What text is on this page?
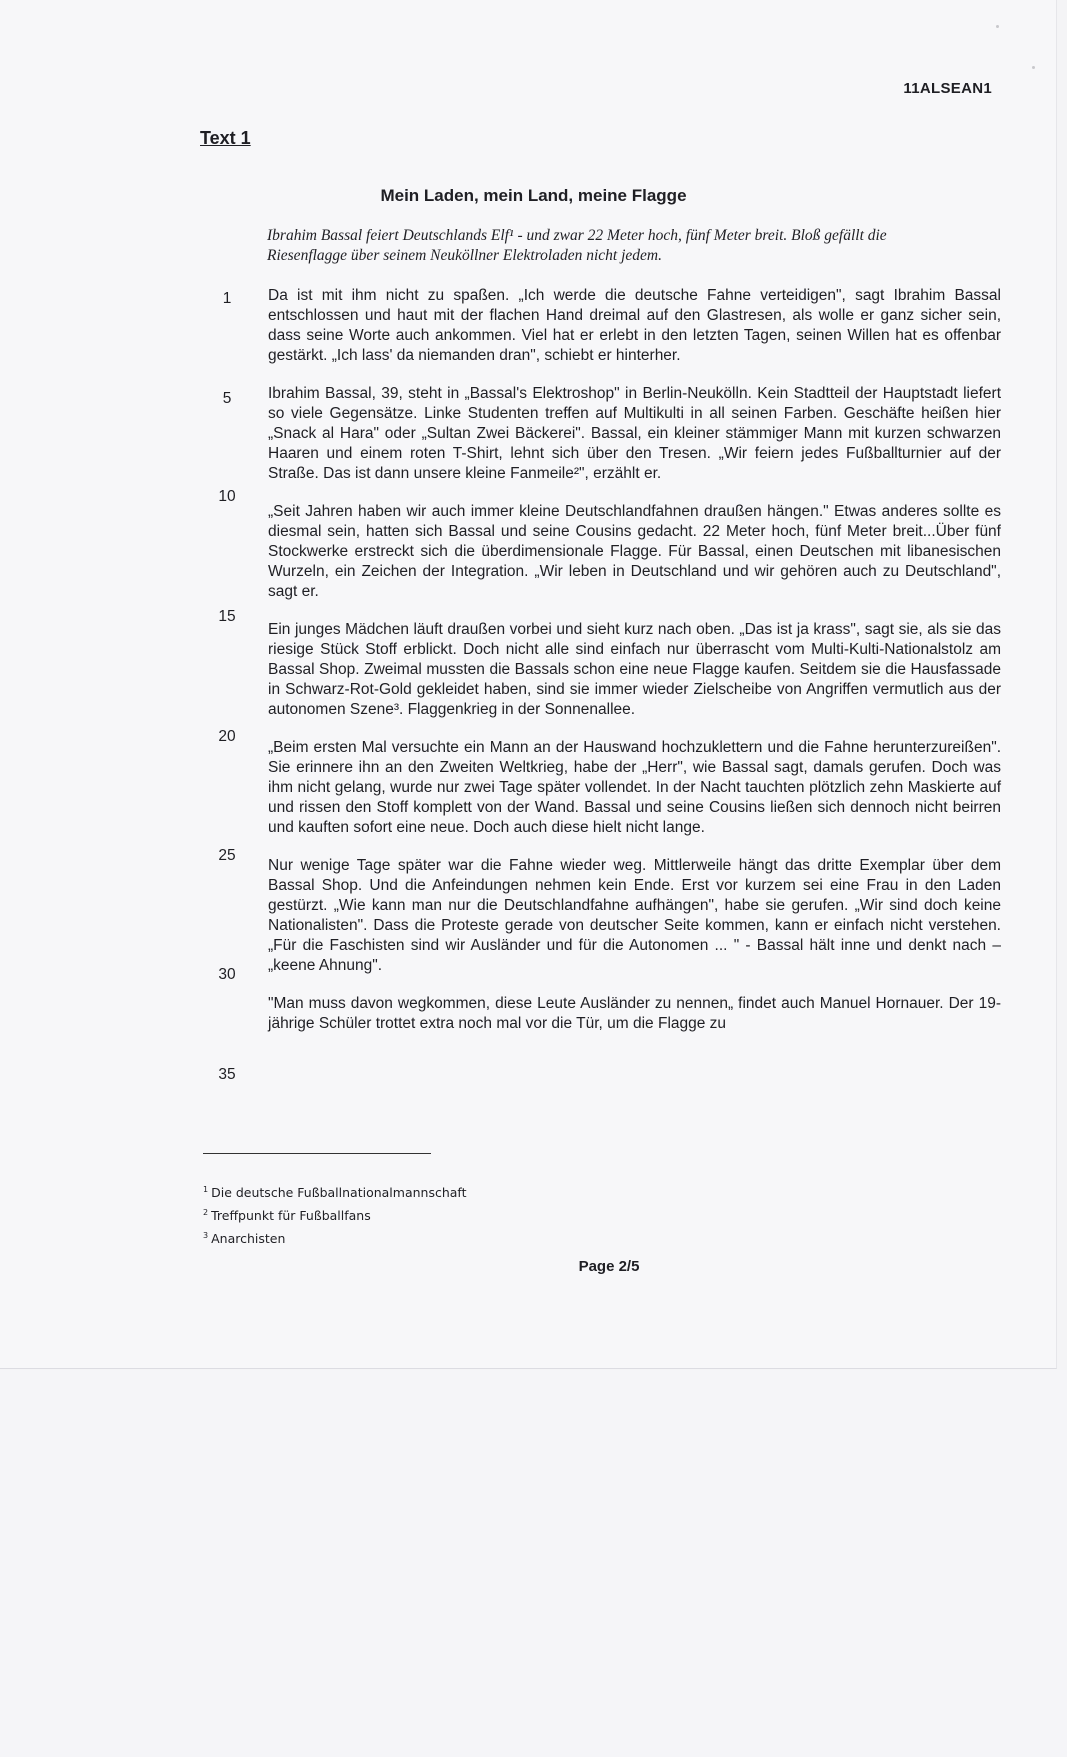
11ALSEAN1
Text 1
Mein Laden, mein Land, meine Flagge
Ibrahim Bassal feiert Deutschlands Elf¹ - und zwar 22 Meter hoch, fünf Meter breit. Bloß gefällt die Riesenflagge über seinem Neuköllner Elektroladen nicht jedem.
1
5
10
15
20
25
30
35

Da ist mit ihm nicht zu spaßen. „Ich werde die deutsche Fahne verteidigen", sagt Ibrahim Bassal entschlossen und haut mit der flachen Hand dreimal auf den Glastresen, als wolle er ganz sicher sein, dass seine Worte auch ankommen. Viel hat er erlebt in den letzten Tagen, seinen Willen hat es offenbar gestärkt. „Ich lass' da niemanden dran", schiebt er hinterher.

Ibrahim Bassal, 39, steht in „Bassal's Elektroshop" in Berlin-Neukölln. Kein Stadtteil der Hauptstadt liefert so viele Gegensätze. Linke Studenten treffen auf Multikulti in all seinen Farben. Geschäfte heißen hier „Snack al Hara" oder „Sultan Zwei Bäckerei". Bassal, ein kleiner stämmiger Mann mit kurzen schwarzen Haaren und einem roten T-Shirt, lehnt sich über den Tresen. „Wir feiern jedes Fußballturnier auf der Straße. Das ist dann unsere kleine Fanmeile²", erzählt er.

„Seit Jahren haben wir auch immer kleine Deutschlandfahnen draußen hängen." Etwas anderes sollte es diesmal sein, hatten sich Bassal und seine Cousins gedacht. 22 Meter hoch, fünf Meter breit...Über fünf Stockwerke erstreckt sich die überdimensionale Flagge. Für Bassal, einen Deutschen mit libanesischen Wurzeln, ein Zeichen der Integration. „Wir leben in Deutschland und wir gehören auch zu Deutschland", sagt er.

Ein junges Mädchen läuft draußen vorbei und sieht kurz nach oben. „Das ist ja krass", sagt sie, als sie das riesige Stück Stoff erblickt. Doch nicht alle sind einfach nur überrascht vom Multi-Kulti-Nationalstolz am Bassal Shop. Zweimal mussten die Bassals schon eine neue Flagge kaufen. Seitdem sie die Hausfassade in Schwarz-Rot-Gold gekleidet haben, sind sie immer wieder Zielscheibe von Angriffen vermutlich aus der autonomen Szene³. Flaggenkrieg in der Sonnenallee.

„Beim ersten Mal versuchte ein Mann an der Hauswand hochzuklettern und die Fahne herunterzureißen". Sie erinnere ihn an den Zweiten Weltkrieg, habe der „Herr", wie Bassal sagt, damals gerufen. Doch was ihm nicht gelang, wurde nur zwei Tage später vollendet. In der Nacht tauchten plötzlich zehn Maskierte auf und rissen den Stoff komplett von der Wand. Bassal und seine Cousins ließen sich dennoch nicht beirren und kauften sofort eine neue. Doch auch diese hielt nicht lange.

Nur wenige Tage später war die Fahne wieder weg. Mittlerweile hängt das dritte Exemplar über dem Bassal Shop. Und die Anfeindungen nehmen kein Ende. Erst vor kurzem sei eine Frau in den Laden gestürzt. „Wie kann man nur die Deutschlandfahne aufhängen", habe sie gerufen. „Wir sind doch keine Nationalisten". Dass die Proteste gerade von deutscher Seite kommen, kann er einfach nicht verstehen. „Für die Faschisten sind wir Ausländer und für die Autonomen ... " - Bassal hält inne und denkt nach – „keene Ahnung".

"Man muss davon wegkommen, diese Leute Ausländer zu nennen„ findet auch Manuel Hornauer. Der 19-jährige Schüler trottet extra noch mal vor die Tür, um die Flagge zu

$^1$ Die deutsche Fußballnationalmannschaft
$^2$ Treffpunkt für Fußballfans
$^3$ Anarchisten
Page 2/5
